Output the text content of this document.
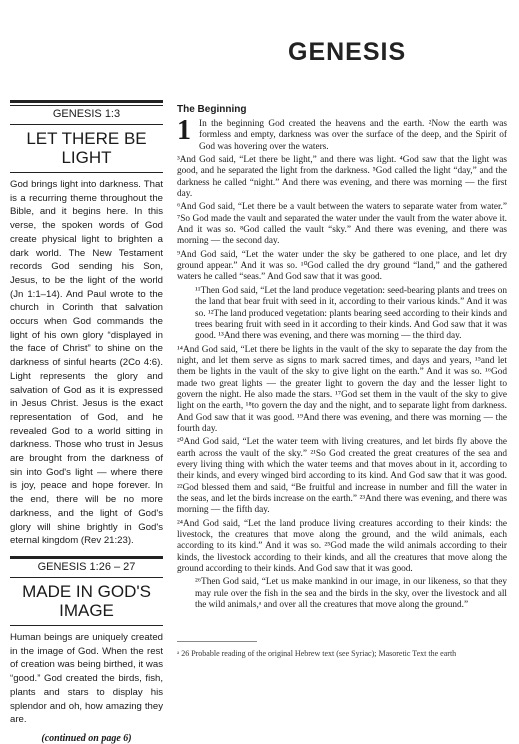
GENESIS
GENESIS 1:3
LET THERE BE LIGHT
God brings light into darkness. That is a recurring theme throughout the Bible, and it begins here. In this verse, the spoken words of God create physical light to brighten a dark world. The New Testament records God sending his Son, Jesus, to be the light of the world (Jn 1:1–14). And Paul wrote to the church in Corinth that salvation occurs when God commands the light of his own glory “displayed in the face of Christ” to shine on the darkness of sinful hearts (2Co 4:6). Light represents the glory and salvation of God as it is expressed in Jesus Christ. Jesus is the exact representation of God, and he revealed God to a world sitting in darkness. Those who trust in Jesus are brought from the darkness of sin into God's light — where there is joy, peace and hope forever. In the end, there will be no more darkness, and the light of God's glory will shine brightly in God's eternal kingdom (Rev 21:23).
GENESIS 1:26 – 27
MADE IN GOD'S IMAGE
Human beings are uniquely created in the image of God. When the rest of creation was being birthed, it was “good.” God created the birds, fish, plants and stars to display his splendor and oh, how amazing they are.
(continued on page 6)
The Beginning
1 In the beginning God created the heavens and the earth. ²Now the earth was formless and empty, darkness was over the surface of the deep, and the Spirit of God was hovering over the waters.

³And God said, “Let there be light,” and there was light. ⁴God saw that the light was good, and he separated the light from the darkness. ⁵God called the light “day,” and the darkness he called “night.” And there was evening, and there was morning — the first day.

⁶And God said, “Let there be a vault between the waters to separate water from water.” ⁷So God made the vault and separated the water under the vault from the water above it. And it was so. ⁸God called the vault “sky.” And there was evening, and there was morning — the second day.

⁹And God said, “Let the water under the sky be gathered to one place, and let dry ground appear.” And it was so. ¹⁰God called the dry ground “land,” and the gathered waters he called “seas.” And God saw that it was good.

¹¹Then God said, “Let the land produce vegetation: seed-bearing plants and trees on the land that bear fruit with seed in it, according to their various kinds.” And it was so. ¹²The land produced vegetation: plants bearing seed according to their kinds and trees bearing fruit with seed in it according to their kinds. And God saw that it was good. ¹³And there was evening, and there was morning — the third day.

¹⁴And God said, “Let there be lights in the vault of the sky to separate the day from the night, and let them serve as signs to mark sacred times, and days and years, ¹⁵and let them be lights in the vault of the sky to give light on the earth.” And it was so. ¹⁶God made two great lights — the greater light to govern the day and the lesser light to govern the night. He also made the stars. ¹⁷God set them in the vault of the sky to give light on the earth, ¹⁸to govern the day and the night, and to separate light from darkness. And God saw that it was good. ¹⁹And there was evening, and there was morning — the fourth day.

²⁰And God said, “Let the water teem with living creatures, and let birds fly above the earth across the vault of the sky.” ²¹So God created the great creatures of the sea and every living thing with which the water teems and that moves about in it, according to their kinds, and every winged bird according to its kind. And God saw that it was good. ²²God blessed them and said, “Be fruitful and increase in number and fill the water in the seas, and let the birds increase on the earth.” ²³And there was evening, and there was morning — the fifth day.

²⁴And God said, “Let the land produce living creatures according to their kinds: the livestock, the creatures that move along the ground, and the wild animals, each according to its kind.” And it was so. ²⁵God made the wild animals according to their kinds, the livestock according to their kinds, and all the creatures that move along the ground according to their kinds. And God saw that it was good.

²⁶Then God said, “Let us make mankind in our image, in our likeness, so that they may rule over the fish in the sea and the birds in the sky, over the livestock and all the wild animals,ᵃ and over all the creatures that move along the ground.”

ᵃ 26 Probable reading of the original Hebrew text (see Syriac); Masoretic Text the earth
